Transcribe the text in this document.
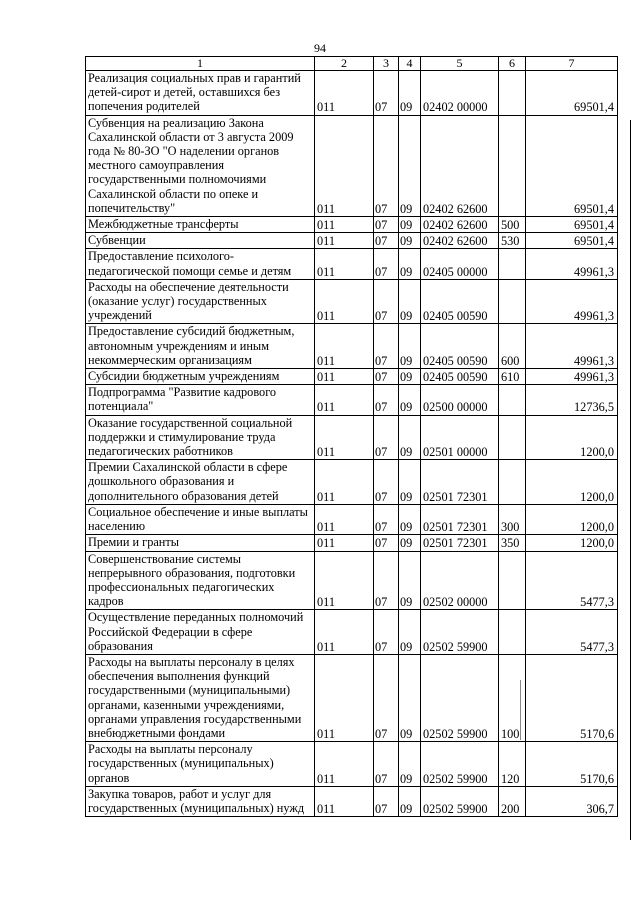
94
1	2	3	4	5	6	7
Реализация социальных прав и гарантий детей-сирот и детей, оставшихся без попечения родителей	011	07	09	02402 00000		69501,4
Субвенция на реализацию Закона Сахалинской области от 3 августа 2009 года № 80-ЗО "О наделении органов местного самоуправления государственными полномочиями Сахалинской области по опеке и попечительству"	011	07	09	02402 62600		69501,4
Межбюджетные трансферты	011	07	09	02402 62600	500	69501,4
Субвенции	011	07	09	02402 62600	530	69501,4
Предоставление психолого-педагогической помощи семье и детям	011	07	09	02405 00000		49961,3
Расходы на обеспечение деятельности (оказание услуг) государственных учреждений	011	07	09	02405 00590		49961,3
Предоставление субсидий бюджетным, автономным учреждениям и иным некоммерческим организациям	011	07	09	02405 00590	600	49961,3
Субсидии бюджетным учреждениям	011	07	09	02405 00590	610	49961,3
Подпрограмма "Развитие кадрового потенциала"	011	07	09	02500 00000		12736,5
Оказание государственной социальной поддержки и стимулирование труда педагогических работников	011	07	09	02501 00000		1200,0
Премии Сахалинской области в сфере дошкольного образования и дополнительного образования детей	011	07	09	02501 72301		1200,0
Социальное обеспечение и иные выплаты населению	011	07	09	02501 72301	300	1200,0
Премии и гранты	011	07	09	02501 72301	350	1200,0
Совершенствование системы непрерывного образования, подготовки профессиональных педагогических кадров	011	07	09	02502 00000		5477,3
Осуществление переданных полномочий Российской Федерации в сфере образования	011	07	09	02502 59900		5477,3
Расходы на выплаты персоналу в целях обеспечения выполнения функций государственными (муниципальными) органами, казенными учреждениями, органами управления государственными внебюджетными фондами	011	07	09	02502 59900	100	5170,6
Расходы на выплаты персоналу государственных (муниципальных) органов	011	07	09	02502 59900	120	5170,6
Закупка товаров, работ и услуг для государственных (муниципальных) нужд	011	07	09	02502 59900	200	306,7
